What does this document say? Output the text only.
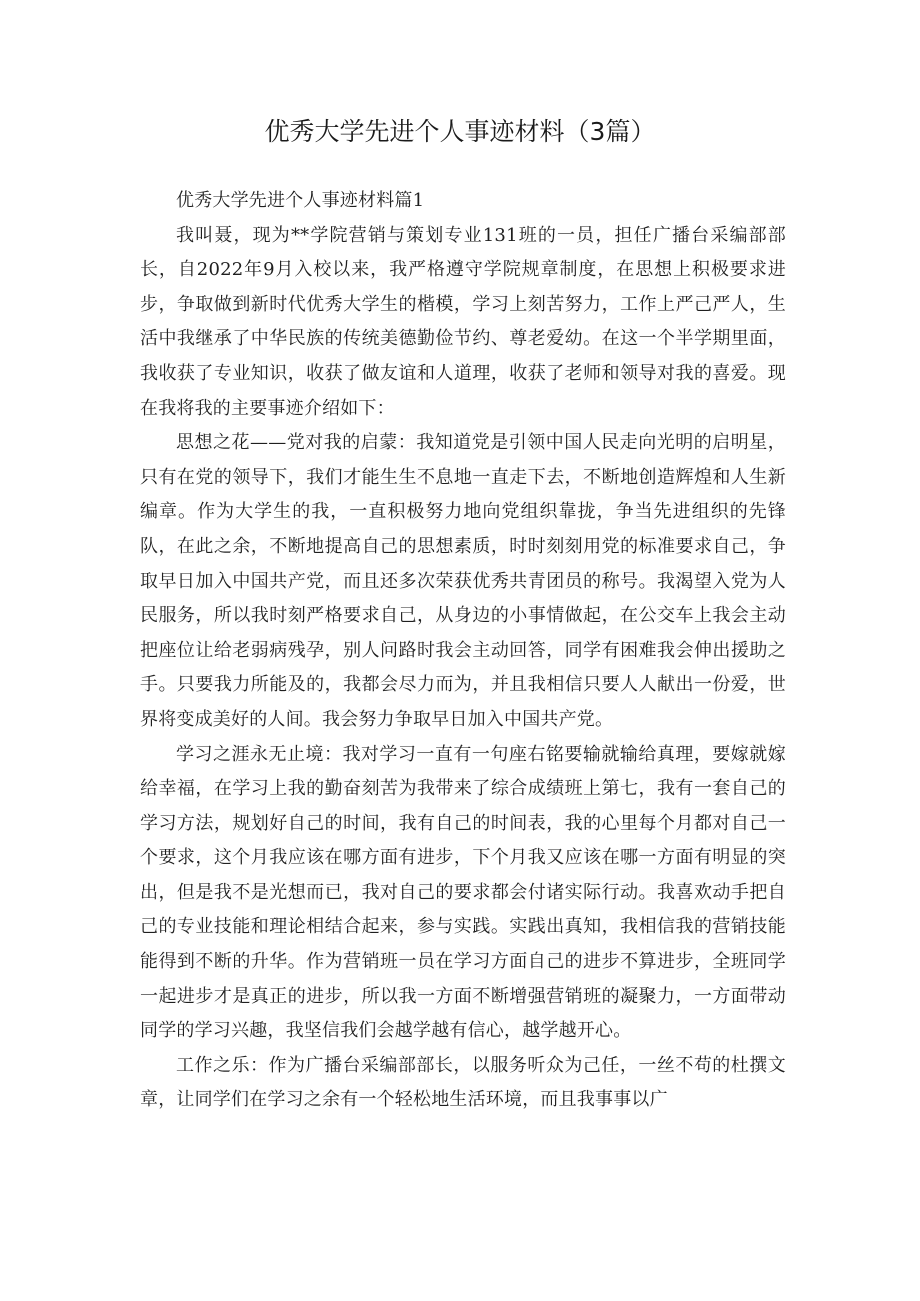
优秀大学先进个人事迹材料（3篇）

优秀大学先进个人事迹材料篇1

我叫聂，现为**学院营销与策划专业131班的一员，担任广播台采编部部长，自2022年9月入校以来，我严格遵守学院规章制度，在思想上积极要求进步，争取做到新时代优秀大学生的楷模，学习上刻苦努力，工作上严己严人，生活中我继承了中华民族的传统美德勤俭节约、尊老爱幼。在这一个半学期里面，我收获了专业知识，收获了做友谊和人道理，收获了老师和领导对我的喜爱。现在我将我的主要事迹介绍如下：

思想之花——党对我的启蒙：我知道党是引领中国人民走向光明的启明星，只有在党的领导下，我们才能生生不息地一直走下去，不断地创造辉煌和人生新编章。作为大学生的我，一直积极努力地向党组织靠拢，争当先进组织的先锋队，在此之余，不断地提高自己的思想素质，时时刻刻用党的标准要求自己，争取早日加入中国共产党，而且还多次荣获优秀共青团员的称号。我渴望入党为人民服务，所以我时刻严格要求自己，从身边的小事情做起，在公交车上我会主动把座位让给老弱病残孕，别人问路时我会主动回答，同学有困难我会伸出援助之手。只要我力所能及的，我都会尽力而为，并且我相信只要人人献出一份爱，世界将变成美好的人间。我会努力争取早日加入中国共产党。

学习之涯永无止境：我对学习一直有一句座右铭要输就输给真理，要嫁就嫁给幸福，在学习上我的勤奋刻苦为我带来了综合成绩班上第七，我有一套自己的学习方法，规划好自己的时间，我有自己的时间表，我的心里每个月都对自己一个要求，这个月我应该在哪方面有进步，下个月我又应该在哪一方面有明显的突出，但是我不是光想而已，我对自己的要求都会付诸实际行动。我喜欢动手把自己的专业技能和理论相结合起来，参与实践。实践出真知，我相信我的营销技能能得到不断的升华。作为营销班一员在学习方面自己的进步不算进步，全班同学一起进步才是真正的进步，所以我一方面不断增强营销班的凝聚力，一方面带动同学的学习兴趣，我坚信我们会越学越有信心，越学越开心。

工作之乐：作为广播台采编部部长，以服务听众为己任，一丝不苟的杜撰文章，让同学们在学习之余有一个轻松地生活环境，而且我事事以广
